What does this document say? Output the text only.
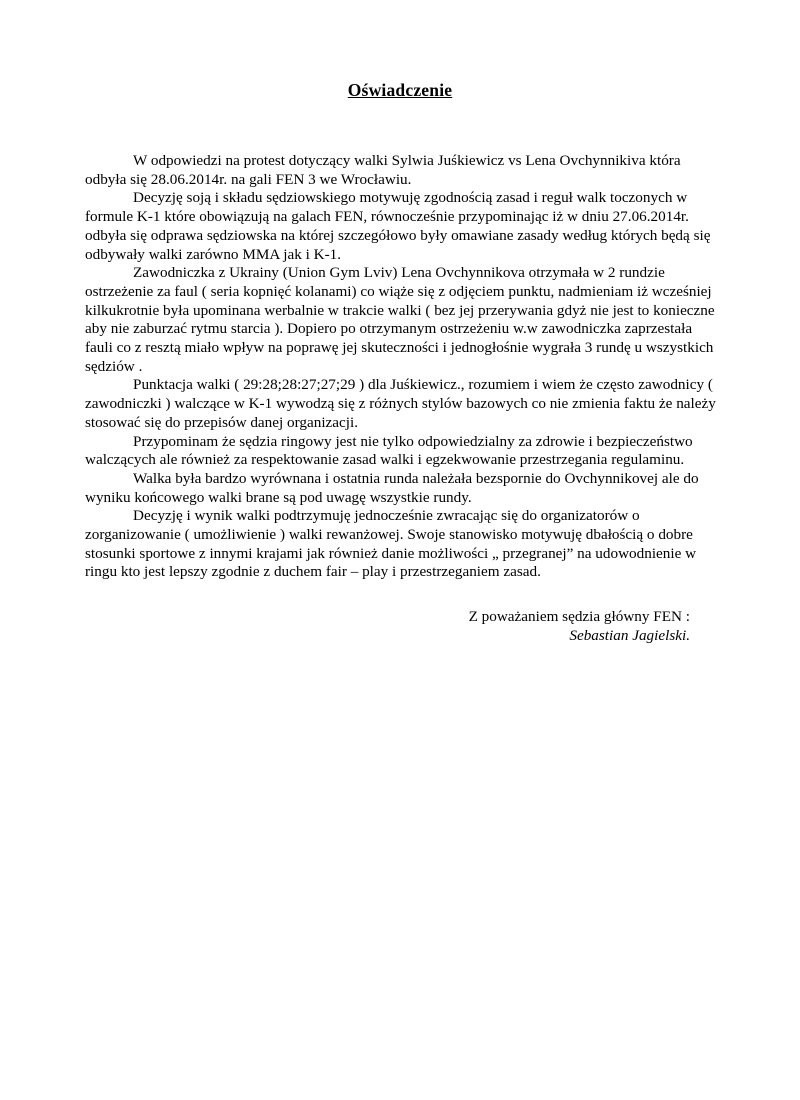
Oświadczenie

W odpowiedzi na protest dotyczący walki Sylwia Juśkiewicz vs Lena Ovchynnikiva która odbyła się 28.06.2014r. na gali FEN 3 we Wrocławiu.

Decyzję soją i składu sędziowskiego motywuję zgodnością zasad i reguł walk toczonych w formule K-1 które obowiązują na galach FEN, równocześnie przypominając iż w dniu 27.06.2014r. odbyła się odprawa sędziowska na której szczegółowo były omawiane zasady według których będą się odbywały walki zarówno MMA jak i K-1.

Zawodniczka z Ukrainy (Union Gym Lviv) Lena Ovchynnikova otrzymała w 2 rundzie ostrzeżenie za faul ( seria kopnięć kolanami) co wiąże się z odjęciem punktu, nadmieniam iż wcześniej kilkukrotnie była upominana werbalnie w trakcie walki ( bez jej przerywania gdyż nie jest to konieczne aby nie zaburzać rytmu starcia ). Dopiero po otrzymanym ostrzeżeniu w.w zawodniczka zaprzestała fauli co z resztą miało wpływ na poprawę jej skuteczności i jednogłośnie wygrała 3 rundę u wszystkich sędziów .

Punktacja walki ( 29:28;28:27;27;29 ) dla Juśkiewicz., rozumiem i wiem że często zawodnicy ( zawodniczki ) walczące w K-1 wywodzą się z różnych stylów bazowych co nie zmienia faktu że należy stosować się do przepisów danej organizacji.

Przypominam że sędzia ringowy jest nie tylko odpowiedzialny za zdrowie i bezpieczeństwo walczących ale również za respektowanie zasad walki i egzekwowanie przestrzegania regulaminu.

Walka była bardzo wyrównana i ostatnia runda należała bezspornie do Ovchynnikovej ale do wyniku końcowego walki brane są pod uwagę wszystkie rundy.

Decyzję i wynik walki podtrzymuję jednocześnie zwracając się do organizatorów o zorganizowanie ( umożliwienie ) walki rewanżowej. Swoje stanowisko motywuję dbałością o dobre stosunki sportowe z innymi krajami jak również danie możliwości „ przegranej” na udowodnienie w ringu kto jest lepszy zgodnie z duchem fair – play i przestrzeganiem zasad.

Z poważaniem sędzia główny FEN :
Sebastian Jagielski.
